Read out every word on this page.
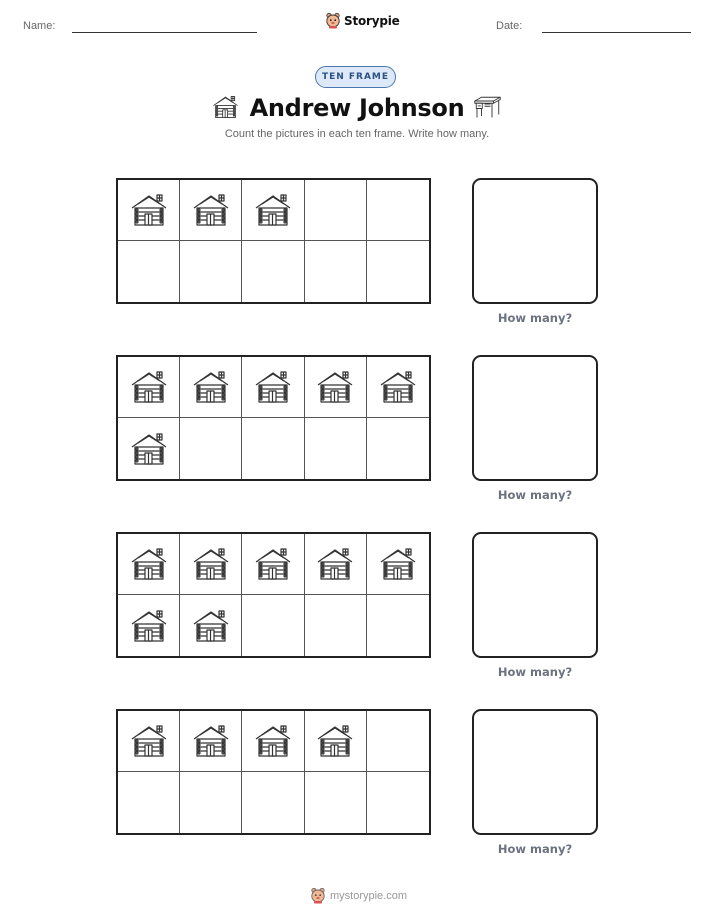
Name:	Storypie	Date:
TEN FRAME
Andrew Johnson
Count the pictures in each ten frame. Write how many.
How many?
How many?
How many?
How many?
mystorypie.com
